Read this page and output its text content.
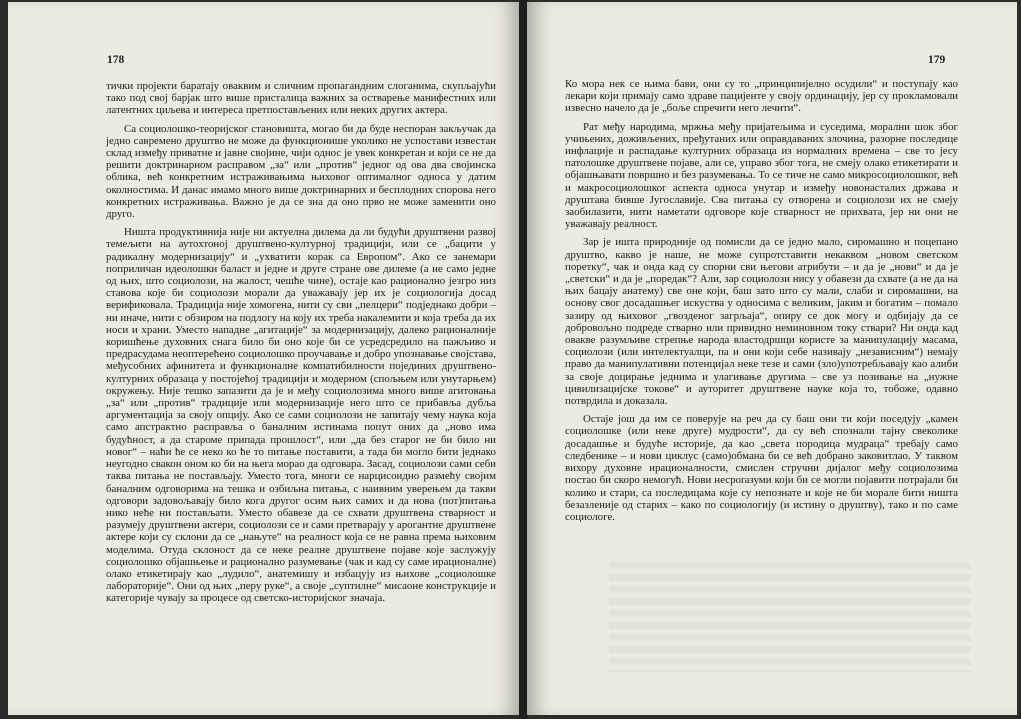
178

тички пројекти баратају оваквим и сличним пропагандним слоганима, скупљајући тако под свој барјак што више присталица важних за остварење манифестних или латентних циљева и интереса претпостављених или неких других актера.

Са социолошко-теоријског становишта, могао би да буде неспоран закључак да једно савремено друштво не може да функционише уколико не успостави известан склад између приватне и јавне својине, чији однос је увек конкретан и који се не да решити доктринарном расправом „за“ или „против“ једног од ова два својинска облика, већ конкретним истраживањима њиховог оптималног односа у датим околностима. И данас имамо много више доктринарних и бесплодних спорова него конкретних истраживања. Важно је да се зна да оно прво не може заменити оно друго.

Ништа продуктивнија није ни актуелна дилема да ли будући друштвени развој темељити на аутохтоној друштвено-културној традицији, или се „бацити у радикалну модернизацију“ и „ухватити корак са Европом“. Ако се занемари поприличан идеолошки баласт и једне и друге стране ове дилеме (а не само једне од њих, што социолози, на жалост, чешће чине), остаје као рационално језгро низ ставова које би социолози морали да уважавају јер их је социологија досад верификовала. Традиција није хомогена, нити су сви „пелцери“ подједнако добри – ни иначе, нити с обзиром на подлогу на коју их треба накалемити и која треба да их носи и храни. Уместо нападне „агитације“ за модернизацију, далеко рационалније коришћење духовних снага било би оно које би се усредсредило на пажљиво и предрасудама неоптерећено социолошко проучавање и добро упознавање својстава, међусобних афинитета и функционалне компатибилности појединих друштвено-културних образаца у постојећој традицији и модерном (спољњем или унутарњем) окружењу. Није тешко запазити да је и међу социолозима много више агитовања „за“ или „против“ традиције или модернизације него што се прибавља дубља аргументација за своју опцију. Ако се сами социолози не запитају чему наука која само апстрактно расправља о баналним истинама попут оних да „ново има будућност, а да староме припада прошлост“, или „да без старог не би било ни новог“ – наћи ће се неко ко ће то питање поставити, а тада би могло бити једнако неугодно свакон оном ко би на његa морао да одговара. Засад, социолози сами себи таква питања не постављају. Уместо тога, многи се нарцисоидно размећу својим баналним одговорима на тешка и озбиљна питања, с наивним уверењем да такви одговори задовољавају било кога другог осим њих самих и да нова (пот)питања нико неће ни постављати. Уместо обавезе да се схвати друштвена стварност и разумеју друштвени актери, социолози се и сами претварају у арогантне друштвене актере који су склони да се „нањуте“ на реалност која се не равна према њиховим моделима. Отуда склоност да се неке реалне друштвене појаве које заслужују социолошко објашњење и рационално разумевање (чак и кад су саме ирационалне) олако етикетирају као „лудило“, анатемишу и избацују из њихове „социолошке лабораторије“. Они од њих „перу руке“, а своје „суптилне“ мисаоне конструкције и категорије чувају за процесе од светско-историјског значаја.

179

Ко мора нек се њима бави, они су то „принципијелно осудили“ и поступају као лекари који примају само здраве пацијенте у своју ординацију, јер су прокламовали извесно начело да је „боље спречити него лечити“.

Рат међу народима, мржња међу пријатељима и суседима, морални шок због учињених, доживљених, пређутаних или оправдаваних злочина, разорне последице инфлације и распадање културних образаца из нормалних времена – све то јесу патолошке друштвене појаве, али се, управо због тога, не смеју олако етикетирати и објашњавати површно и без разумевања. То се тиче не само микросоциолошког, већ и макросоциолошког аспекта односа унутар и између новонасталих држава и друштава бивше Југославије. Сва питања су отворена и социолози их не смеју заобилазити, нити наметати одговоре које стварност не прихвата, јер ни они не уважавају реалност.

Зар је ишта природније од помисли да се једно мало, сиромашно и поцепано друштво, какво је наше, не може супротставити некаквом „новом светском поретку“, чак и онда кад су спорни сви његови атрибути – и да је „нови“ и да је „светски“ и да је „поредак“? Али, зар социолози нису у обавези да схвате (а не да на њих бацају анатему) све оне који, баш зато што су мали, слаби и сиромашни, на основу свог досадашњег искуства у односима с великим, јаким и богатим – помало зазиру од њиховог „гвозденог загрљаја“, опиру се док могу и одбијају да се добровољно подреде стварно или привидно неминовном току ствари? Ни онда кад овакве разумљиве стрепње народа властодршци користе за манипулацију масама, социолози (или интелектуалци, па и они који себе називају „независним“) немају право да манипулативни потенцијал неке тезе и сами (зло)употребљавају као алиби за своје доцирање једнима и улагивање другима – све уз позивање на „нужне цивилизацијске токове“ и ауторитет друштвене науке која то, тобоже, одавно потврдила и доказала.

Остаје још да им се поверује на реч да су баш они ти који поседују „камен социолошке (или неке друге) мудрости“, да су већ спознали тајну свеколике досадашње и будуће историје, да као „света породица мудраца“ требају само следбенике – и нови циклус (само)обмана би се већ добрано заковитлао. У таквом вихору духовне ирационалности, смислен стручни дијалог међу социолозима постао би скоро немогућ. Нови несporазуми који би се могли појавити потрајали би колико и стари, са последицама које су непознате и које не би морале бити ништа безазленије од старих – како по социологију (и истину о друштву), тако и по саме социологе.
